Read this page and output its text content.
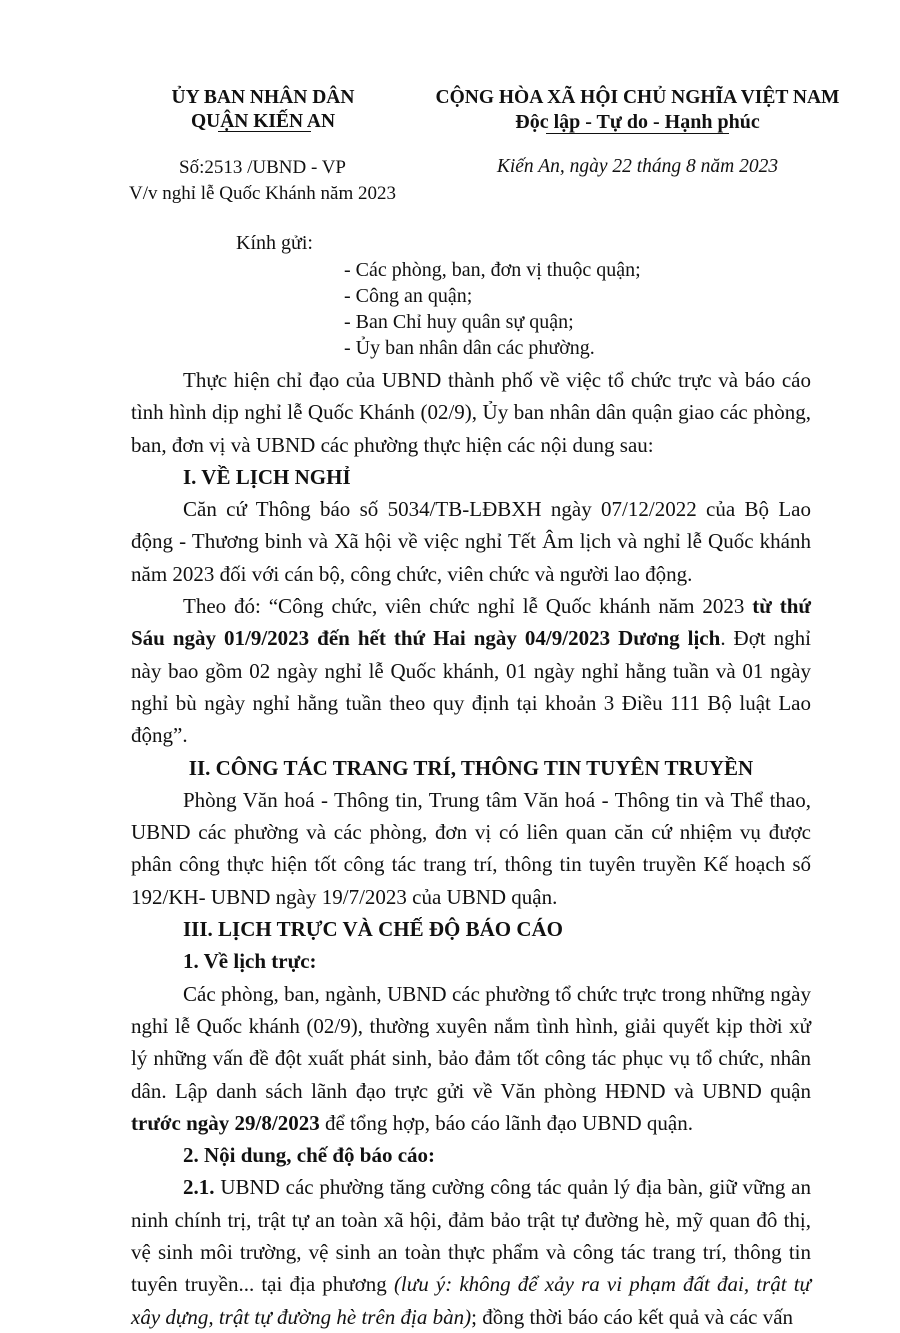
ỦY BAN NHÂN DÂN
QUẬN KIẾN AN
CỘNG HÒA XÃ HỘI CHỦ NGHĨA VIỆT NAM
Độc lập - Tự do - Hạnh phúc
Số:2513 /UBND - VP
V/v nghỉ lễ Quốc Khánh năm 2023
Kiến An, ngày 22 tháng 8 năm 2023
Kính gửi:
- Các phòng, ban, đơn vị thuộc quận;
- Công an quận;
- Ban Chỉ huy quân sự quận;
- Ủy ban nhân dân các phường.

Thực hiện chỉ đạo của UBND thành phố về việc tổ chức trực và báo cáo tình hình dịp nghỉ lễ Quốc Khánh (02/9), Ủy ban nhân dân quận giao các phòng, ban, đơn vị và UBND các phường thực hiện các nội dung sau:

I. VỀ LỊCH NGHỈ

Căn cứ Thông báo số 5034/TB-LĐBXH ngày 07/12/2022 của Bộ Lao động - Thương binh và Xã hội về việc nghỉ Tết Âm lịch và nghỉ lễ Quốc khánh năm 2023 đối với cán bộ, công chức, viên chức và người lao động.

Theo đó: “Công chức, viên chức nghỉ lễ Quốc khánh năm 2023 từ thứ Sáu ngày 01/9/2023 đến hết thứ Hai ngày 04/9/2023 Dương lịch. Đợt nghỉ này bao gồm 02 ngày nghỉ lễ Quốc khánh, 01 ngày nghỉ hằng tuần và 01 ngày nghỉ bù ngày nghỉ hằng tuần theo quy định tại khoản 3 Điều 111 Bộ luật Lao động”.

II. CÔNG TÁC TRANG TRÍ, THÔNG TIN TUYÊN TRUYỀN

Phòng Văn hoá - Thông tin, Trung tâm Văn hoá - Thông tin và Thể thao, UBND các phường và các phòng, đơn vị có liên quan căn cứ nhiệm vụ được phân công thực hiện tốt công tác trang trí, thông tin tuyên truyền Kế hoạch số 192/KH- UBND ngày 19/7/2023 của UBND quận.

III. LỊCH TRỰC VÀ CHẾ ĐỘ BÁO CÁO

1. Về lịch trực:

Các phòng, ban, ngành, UBND các phường tổ chức trực trong những ngày nghỉ lễ Quốc khánh (02/9), thường xuyên nắm tình hình, giải quyết kịp thời xử lý những vấn đề đột xuất phát sinh, bảo đảm tốt công tác phục vụ tổ chức, nhân dân. Lập danh sách lãnh đạo trực gửi về Văn phòng HĐND và UBND quận trước ngày 29/8/2023 để tổng hợp, báo cáo lãnh đạo UBND quận.

2. Nội dung, chế độ báo cáo:

2.1. UBND các phường tăng cường công tác quản lý địa bàn, giữ vững an ninh chính trị, trật tự an toàn xã hội, đảm bảo trật tự đường hè, mỹ quan đô thị, vệ sinh môi trường, vệ sinh an toàn thực phẩm và công tác trang trí, thông tin tuyên truyền... tại địa phương (lưu ý: không để xảy ra vi phạm đất đai, trật tự xây dựng, trật tự đường hè trên địa bàn); đồng thời báo cáo kết quả và các vấn
